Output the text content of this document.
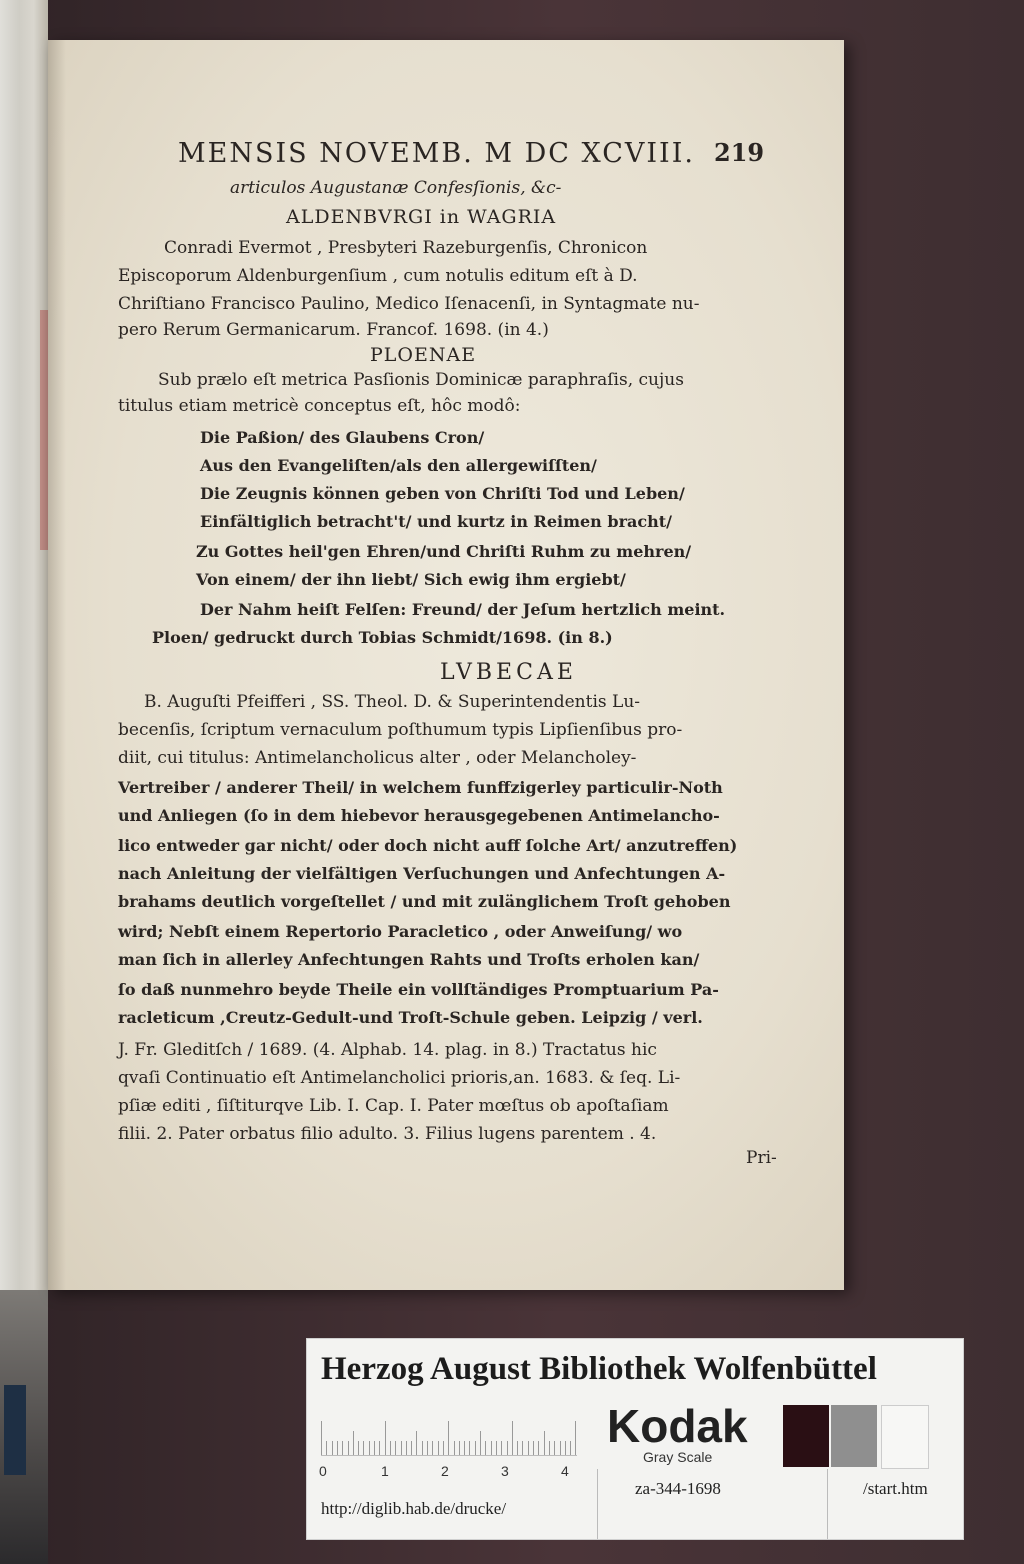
MENSIS NOVEMB. M DC XCVIII. 219
articulos Augustanæ Confesſionis, &c-
ALDENBVRGI in WAGRIA
Conradi Evermot , Presbyteri Razeburgenſis, Chronicon
Episcoporum Aldenburgenſium , cum notulis editum eſt à D.
Chriſtiano Francisco Paulino, Medico Iſenacenſi, in Syntagmate nu-
pero Rerum Germanicarum. Francof. 1698. (in 4.)
PLOENAE
Sub prælo eſt metrica Pasſionis Dominicæ paraphraſis, cujus
titulus etiam metricè conceptus eſt, hôc modô:
Die Paßion/ des Glaubens Cron/
Aus den Evangeliſten/als den allergewiſſten/
Die Zeugnis können geben von Chriſti Tod und Leben/
Einfältiglich betracht't/ und kurtz in Reimen bracht/
Zu Gottes heil'gen Ehren/und Chriſti Ruhm zu mehren/
Von einem/ der ihn liebt/ Sich ewig ihm ergiebt/
Der Nahm heiſt Felſen: Freund/ der Jeſum hertzlich meint.
Ploen/ gedruckt durch Tobias Schmidt/1698. (in 8.)
LVBECAE
B. Auguſti Pfeifferi , SS. Theol. D. & Superintendentis Lu-
becenſis, ſcriptum vernaculum poſthumum typis Lipſienſibus pro-
diit, cui titulus: Antimelancholicus alter , oder Melancholey-
Vertreiber / anderer Theil/ in welchem funffzigerley particulir-Noth
und Anliegen (ſo in dem hiebevor herausgegebenen Antimelancho-
lico entweder gar nicht/ oder doch nicht auff ſolche Art/ anzutreffen)
nach Anleitung der vielfältigen Verſuchungen und Anfechtungen A-
brahams deutlich vorgeſtellet / und mit zulänglichem Troſt gehoben
wird; Nebſt einem Repertorio Paracletico , oder Anweiſung/ wo
man ſich in allerley Anfechtungen Rahts und Troſts erholen kan/
ſo daß nunmehro beyde Theile ein vollſtändiges Promptuarium Pa-
racleticum ,Creutz-Gedult-und Troſt-Schule geben. Leipzig / verl.
J. Fr. Gleditſch / 1689. (4. Alphab. 14. plag. in 8.) Tractatus hic
qvaſi Continuatio eſt Antimelancholici prioris,an. 1683. & ſeq. Li-
pſiæ editi , ſiſtiturqve Lib. I. Cap. I. Pater mœſtus ob apoſtaſiam
filii. 2. Pater orbatus filio adulto. 3. Filius lugens parentem . 4.
Pri-
Herzog August Bibliothek Wolfenbüttel
0	1	2	3	4
Kodak
Gray Scale
http://diglib.hab.de/drucke/
za-344-1698	/start.htm
